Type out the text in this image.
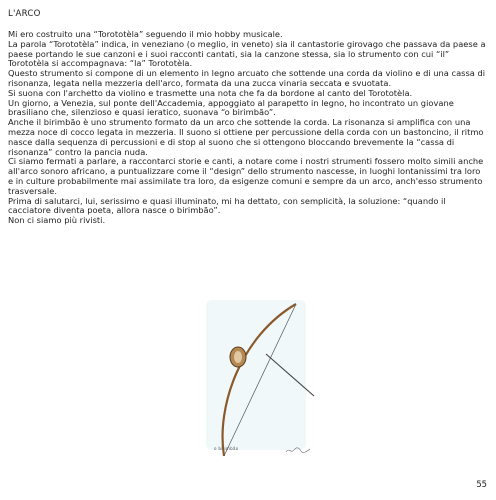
L'ARCO

Mi ero costruito una “Torototèla” seguendo il mio hobby musicale.

La parola “Torototèla” indica, in veneziano (o meglio, in veneto) sia il cantastorie girovago che passava da paese a paese portando le sue canzoni e i suoi racconti cantati, sia la canzone stessa, sia lo strumento con cui “il” Torototèla si accompagnava: “la” Torototèla.

Questo strumento si compone di un elemento in legno arcuato che sottende una corda da violino e di una cassa di risonanza, legata nella mezzeria dell'arco, formata da una zucca vinaria seccata e svuotata.

Si suona con l'archetto da violino e trasmette una nota che fa da bordone al canto del Torototèla.

Un giorno, a Venezia, sul ponte dell'Accademia, appoggiato al parapetto in legno, ho incontrato un giovane brasiliano che, silenzioso e quasi ieratico, suonava “o birimbão”.

Anche il birimbão è uno strumento formato da un arco che sottende la corda. La risonanza si amplifica con una mezza noce di cocco legata in mezzeria. Il suono si ottiene per percussione della corda con un bastoncino, il ritmo nasce dalla sequenza di percussioni e di stop al suono che si ottengono bloccando brevemente la “cassa di risonanza” contro la pancia nuda.

Ci siamo fermati a parlare, a raccontarci storie e canti, a notare come i nostri strumenti fossero molto simili anche all'arco sonoro africano, a puntualizzare come il “design” dello strumento nascesse, in luoghi lontanissimi tra loro e in culture probabilmente mai assimilate tra loro, da esigenze comuni e sempre da un arco, anch'esso strumento trasversale.

Prima di salutarci, lui, serissimo e quasi illuminato, mi ha dettato, con semplicità, la soluzione: “quando il cacciatore diventa poeta, allora nasce o birimbão”.

Non ci siamo più rivisti.

o birimbão
55
